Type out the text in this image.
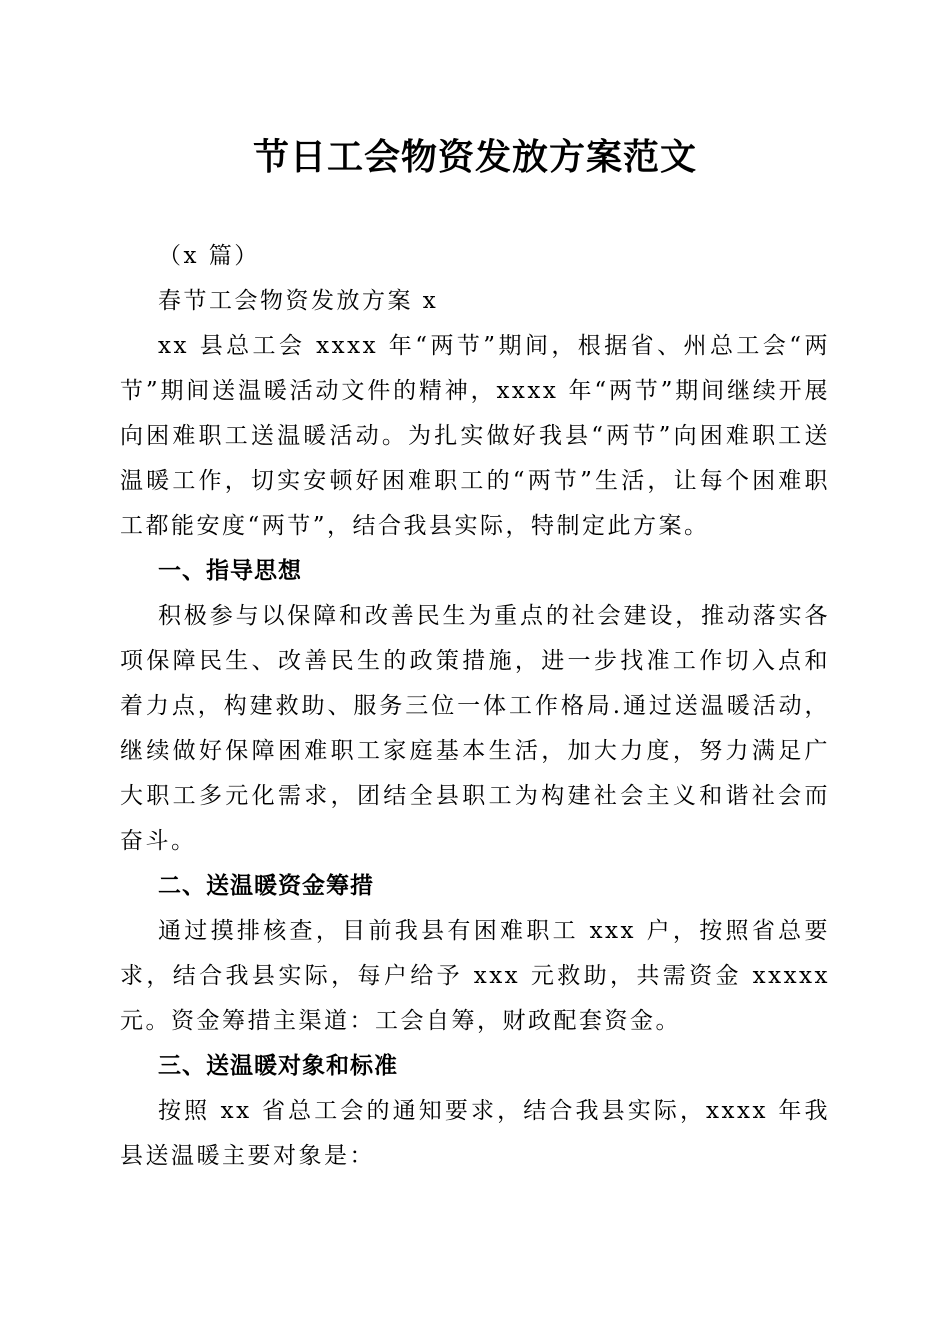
节日工会物资发放方案范文

（x 篇）

春节工会物资发放方案 x

xx 县总工会 xxxx 年“两节”期间，根据省、州总工会“两节”期间送温暖活动文件的精神，xxxx 年“两节”期间继续开展向困难职工送温暖活动。为扎实做好我县“两节”向困难职工送温暖工作，切实安顿好困难职工的“两节”生活，让每个困难职工都能安度“两节”，结合我县实际，特制定此方案。

一、指导思想

积极参与以保障和改善民生为重点的社会建设，推动落实各项保障民生、改善民生的政策措施，进一步找准工作切入点和着力点，构建救助、服务三位一体工作格局.通过送温暖活动，继续做好保障困难职工家庭基本生活，加大力度，努力满足广大职工多元化需求，团结全县职工为构建社会主义和谐社会而奋斗。

二、送温暖资金筹措

通过摸排核查，目前我县有困难职工 xxx 户，按照省总要求，结合我县实际，每户给予 xxx 元救助，共需资金 xxxxx 元。资金筹措主渠道：工会自筹，财政配套资金。

三、送温暖对象和标准

按照 xx 省总工会的通知要求，结合我县实际，xxxx 年我县送温暖主要对象是：
